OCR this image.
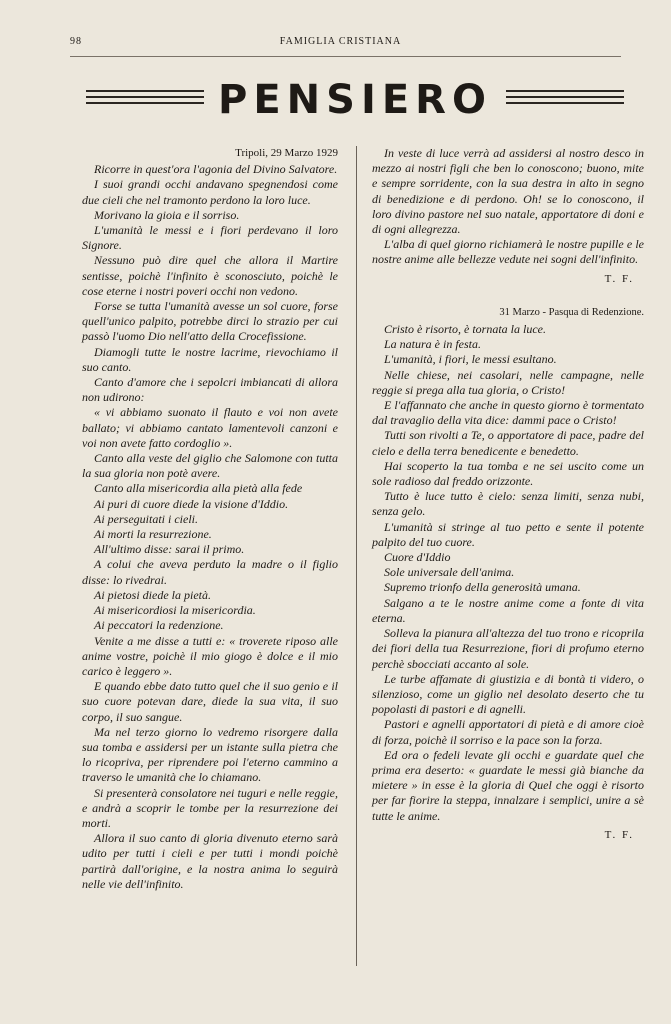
98	FAMIGLIA CRISTIANA
PENSIERO
Tripoli, 29 Marzo 1929

Ricorre in quest'ora l'agonia del Divino Salvatore.

I suoi grandi occhi andavano spegnendosi come due cieli che nel tramonto perdono la loro luce.

Morivano la gioia e il sorriso.

L'umanità le messi e i fiori perdevano il loro Signore.

Nessuno può dire quel che allora il Martire sentisse, poichè l'infinito è sconosciuto, poichè le cose eterne i nostri poveri occhi non vedono.

Forse se tutta l'umanità avesse un sol cuore, forse quell'unico palpito, potrebbe dirci lo strazio per cui passò l'uomo Dio nell'atto della Crocefissione.

Diamogli tutte le nostre lacrime, rievochiamo il suo canto.

Canto d'amore che i sepolcri imbiancati di allora non udirono:

« vi abbiamo suonato il flauto e voi non avete ballato; vi abbiamo cantato lamentevoli canzoni e voi non avete fatto cordoglio ».

Canto alla veste del giglio che Salomone con tutta la sua gloria non potè avere.

Canto alla misericordia alla pietà alla fede

Ai puri di cuore diede la visione d'Iddio.

Ai perseguitati i cieli.

Ai morti la resurrezione.

All'ultimo disse: sarai il primo.

A colui che aveva perduto la madre o il figlio disse: lo rivedrai.

Ai pietosi diede la pietà.

Ai misericordiosi la misericordia.

Ai peccatori la redenzione.

Venite a me disse a tutti e: « troverete riposo alle anime vostre, poichè il mio giogo è dolce e il mio carico è leggero ».

E quando ebbe dato tutto quel che il suo genio e il suo cuore potevan dare, diede la sua vita, il suo corpo, il suo sangue.

Ma nel terzo giorno lo vedremo risorgere dalla sua tomba e assidersi per un istante sulla pietra che lo ricopriva, per riprendere poi l'eterno cammino a traverso le umanità che lo chiamano.

Si presenterà consolatore nei tuguri e nelle reggie, e andrà a scoprir le tombe per la resurrezione dei morti.

Allora il suo canto di gloria divenuto eterno sarà udito per tutti i cieli e per tutti i mondi poichè partirà dall'origine, e la nostra anima lo seguirà nelle vie dell'infinito.

In veste di luce verrà ad assidersi al nostro desco in mezzo ai nostri figli che ben lo conoscono; buono, mite e sempre sorridente, con la sua destra in alto in segno di benedizione e di perdono. Oh! se lo conoscono, il loro divino pastore nel suo natale, apportatore di doni e di ogni allegrezza.

L'alba di quel giorno richiamerà le nostre pupille e le nostre anime alle bellezze vedute nei sogni dell'infinito.

T. F.
31 Marzo - Pasqua di Redenzione.

Cristo è risorto, è tornata la luce.

La natura è in festa.

L'umanità, i fiori, le messi esultano.

Nelle chiese, nei casolari, nelle campagne, nelle reggie si prega alla tua gloria, o Cristo!

E l'affannato che anche in questo giorno è tormentato dal travaglio della vita dice: dammi pace o Cristo!

Tutti son rivolti a Te, o apportatore di pace, padre del cielo e della terra benedicente e benedetto.

Hai scoperto la tua tomba e ne sei uscito come un sole radioso dal freddo orizzonte.

Tutto è luce tutto è cielo: senza limiti, senza nubi, senza gelo.

L'umanità si stringe al tuo petto e sente il potente palpito del tuo cuore.

Cuore d'Iddio

Sole universale dell'anima.

Supremo trionfo della generosità umana.

Salgano a te le nostre anime come a fonte di vita eterna.

Solleva la pianura all'altezza del tuo trono e ricoprila dei fiori della tua Resurrezione, fiori di profumo eterno perchè sbocciati accanto al sole.

Le turbe affamate di giustizia e di bontà ti videro, o silenzioso, come un giglio nel desolato deserto che tu popolasti di pastori e di agnelli.

Pastori e agnelli apportatori di pietà e di amore cioè di forza, poichè il sorriso e la pace son la forza.

Ed ora o fedeli levate gli occhi e guardate quel che prima era deserto: « guardate le messi già bianche da mietere » in esse è la gloria di Quel che oggi è risorto per far fiorire la steppa, innalzare i semplici, unire a sè tutte le anime.

T. F.
